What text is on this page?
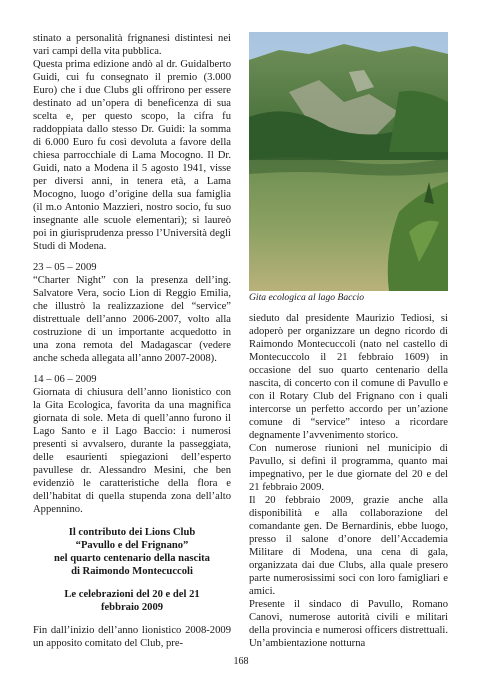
stinato a personalità frignanesi distintesi nei vari campi della vita pubblica.

Questa prima edizione andò al dr. Guidalberto Guidi, cui fu consegnato il premio (3.000 Euro) che i due Clubs gli offrirono per essere destinato ad un’opera di beneficenza di sua scelta e, per questo scopo, la cifra fu raddoppiata dallo stesso Dr. Guidi: la somma di 6.000 Euro fu così devoluta a favore della chiesa parrocchiale di Lama Mocogno. Il Dr. Guidi, nato a Modena il 5 agosto 1941, visse per diversi anni, in tenera età, a Lama Mocogno, luogo d’origine della sua famiglia (il m.o Antonio Mazzieri, nostro socio, fu suo insegnante alle scuole elementari); si laureò poi in giurisprudenza presso l’Università degli Studi di Modena.

23 – 05 – 2009

“Charter Night” con la presenza dell’ing. Salvatore Vera, socio Lion di Reggio Emilia, che illustrò la realizzazione del “service” distrettuale dell’anno 2006-2007, volto alla costruzione di un importante acquedotto in una zona remota del Madagascar (vedere anche scheda allegata all’anno 2007-2008).

14 – 06 – 2009

Giornata di chiusura dell’anno lionistico con la Gita Ecologica, favorita da una magnifica giornata di sole. Meta di quell’anno furono il Lago Santo e il Lago Baccio: i numerosi presenti si avvalsero, durante la passeggiata, delle esaurienti spiegazioni dell’esperto pavullese dr. Alessandro Mesini, che ben evidenziò le caratteristiche della flora e dell’habitat di quella stupenda zona dell’alto Appennino.

Il contributo dei Lions Club
“Pavullo e del Frignano”
nel quarto centenario della nascita
di Raimondo Montecuccoli
Le celebrazioni del 20 e del 21
febbraio 2009

Fin dall’inizio dell’anno lionistico 2008-2009 un apposito comitato del Club, pre-

Gita ecologica al lago Baccio

sieduto dal presidente Maurizio Tediosi, si adoperò per organizzare un degno ricordo di Raimondo Montecuccoli (nato nel castello di Montecuccolo il 21 febbraio 1609) in occasione del suo quarto centenario della nascita, di concerto con il comune di Pavullo e con il Rotary Club del Frignano con i quali intercorse un perfetto accordo per un’azione comune di “service” inteso a ricordare degnamente l’avvenimento storico.

Con numerose riunioni nel municipio di Pavullo, si definì il programma, quanto mai impegnativo, per le due giornate del 20 e del 21 febbraio 2009.

Il 20 febbraio 2009, grazie anche alla disponibilità e alla collaborazione del comandante gen. De Bernardinis, ebbe luogo, presso il salone d’onore dell’Accademia Militare di Modena, una cena di gala, organizzata dai due Clubs, alla quale presero parte numerosissimi soci con loro famigliari e amici.

Presente il sindaco di Pavullo, Romano Canovi, numerose autorità civili e militari della provincia e numerosi officers distrettuali. Un’ambientazione notturna

168
